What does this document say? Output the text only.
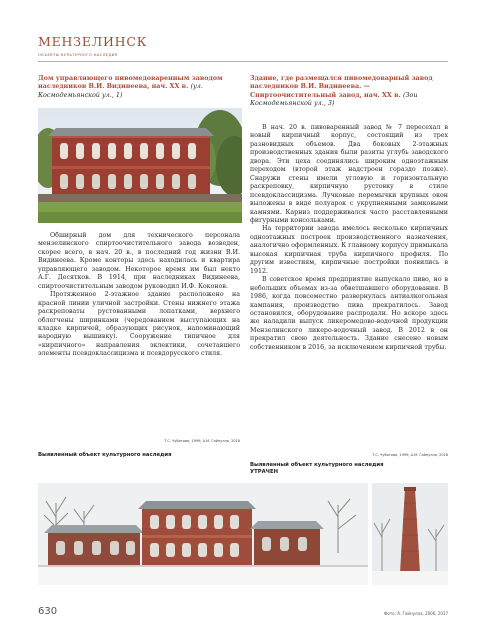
МЕНЗЕЛИНСК
ОБЪЕКТЫ КУЛЬТУРНОГО НАСЛЕДИЯ
Дом управляющего пивомедоваренным заводом наследников В.И. Видинеева, нач. XX в. (ул. Космодемьянской ул., 1)

Обширный дом для технического персонала мензелинского спиртоочистительного завода возведен, скорее всего, в нач. 20 в., в последний год жизни В.И. Видинеева. Кроме конторы здесь находилась и квартира управляющего заводом. Некоторое время им был некто А.Г. Десятков. В 1914, при наследниках Видинеева, спиртоочистительным заводом руководил И.Ф. Коконов.

Протяженное 2-этажное здание расположено на красной линии уличной застройки. Стены нижнего этажа раскреповаты рустованными лопатками, верхнего облегчены ширинками (чередованием выступающих на кладке кирпичей, образующих рисунок, напоминающий народную вышивку). Сооружение типичное для «кирпичного» направления эклектики, сочетавшего элементы псевдоклассицизма и псевдорусского стиля.

Т.С. Чубатова, 1999; А.М. Гайнулла, 2018
Выявленный объект культурного наследия
Здание, где размещался пивомедоварный завод наследников В.И. Видинеева. — Спиртоочистительный завод, нач. XX в. (Зои Космодемьянской ул., 3)

В нач. 20 в. пивоваренный завод № 7 пересехал в новый кирпичный корпус, состоящий из трех разновидных объемов. Два боковых 2-этажных производственных здания были разиты углубь заводского двора. Эти цеха соединялись широким одноэтажным переходом (второй этаж надстроен гораздо позже). Снаружи стены имели угловую и горизонтальную раскреповку, кирпичную рустовку в стиле псевдоклассицизма. Лучковые перемычки крупных окон выложены в виде полуарок с укрупненными замковыми камнями. Карниз поддерживался часто расставленными фигурными консольками.

На территории завода имелось несколько кирпичных одноэтажных построек производственного назначения, аналогично оформленных. К главному корпусу примыкала высокая кирпичная труба кирпичного профиля. По другим известиям, кирпичные постройки появились в 1912.

В советское время предприятие выпускало пиво, но в небольших объемах из-за обветшавшего оборудования. В 1986, когда повсеместно развернулась антиалкогольная кампания, производство пива прекратилось. Завод остановился, оборудование распродали. Но вскоре здесь же наладили выпуск ликеромедово-водочной продукции Мензелинского ликеро-водочный завод. В 2012 в он прекратил свою деятельность. Здание снесено новым собственником в 2016, за исключением кирпичной трубы.

Т.С. Чубатова, 1999; А.М. Гайнулла, 2018
Выявленный объект культурного наследия
УТРАЧЕН
630	Фото: А. Гайнулла, 2006, 2017
